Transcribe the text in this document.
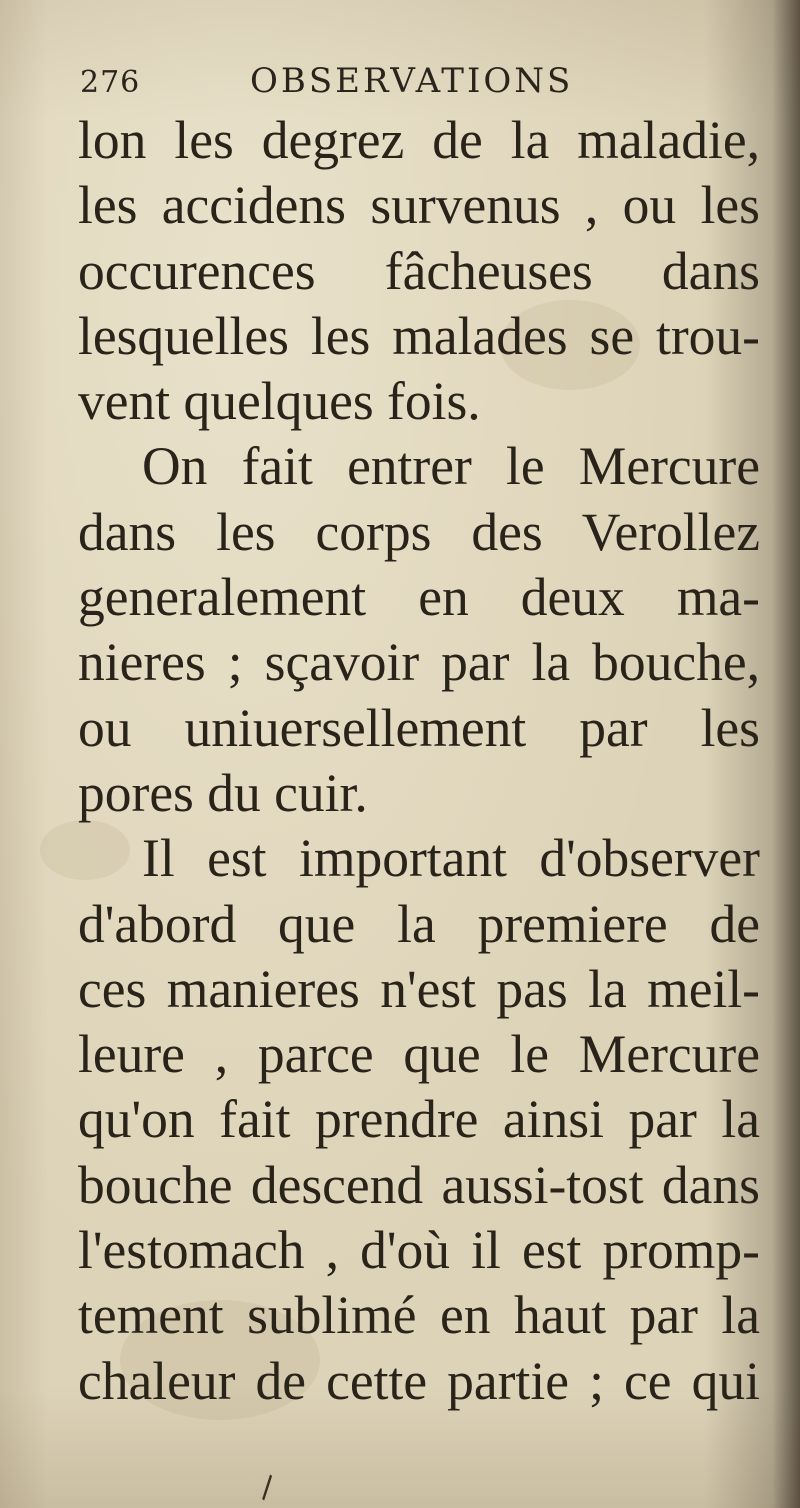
276	OBSERVATIONS
lon les degrez de la maladie,
les accidens survenus , ou les
occurences fâcheuses dans
lesquelles les malades se trou-
vent quelques fois.
On fait entrer le Mercure
dans les corps des Verollez
generalement en deux ma-
nieres ; sçavoir par la bouche,
ou uniuersellement par les
pores du cuir.
Il est important d'observer
d'abord que la premiere de
ces manieres n'est pas la meil-
leure , parce que le Mercure
qu'on fait prendre ainsi par la
bouche descend aussi-tost dans
l'estomach , d'où il est promp-
tement sublimé en haut par la
chaleur de cette partie ; ce qui
\
